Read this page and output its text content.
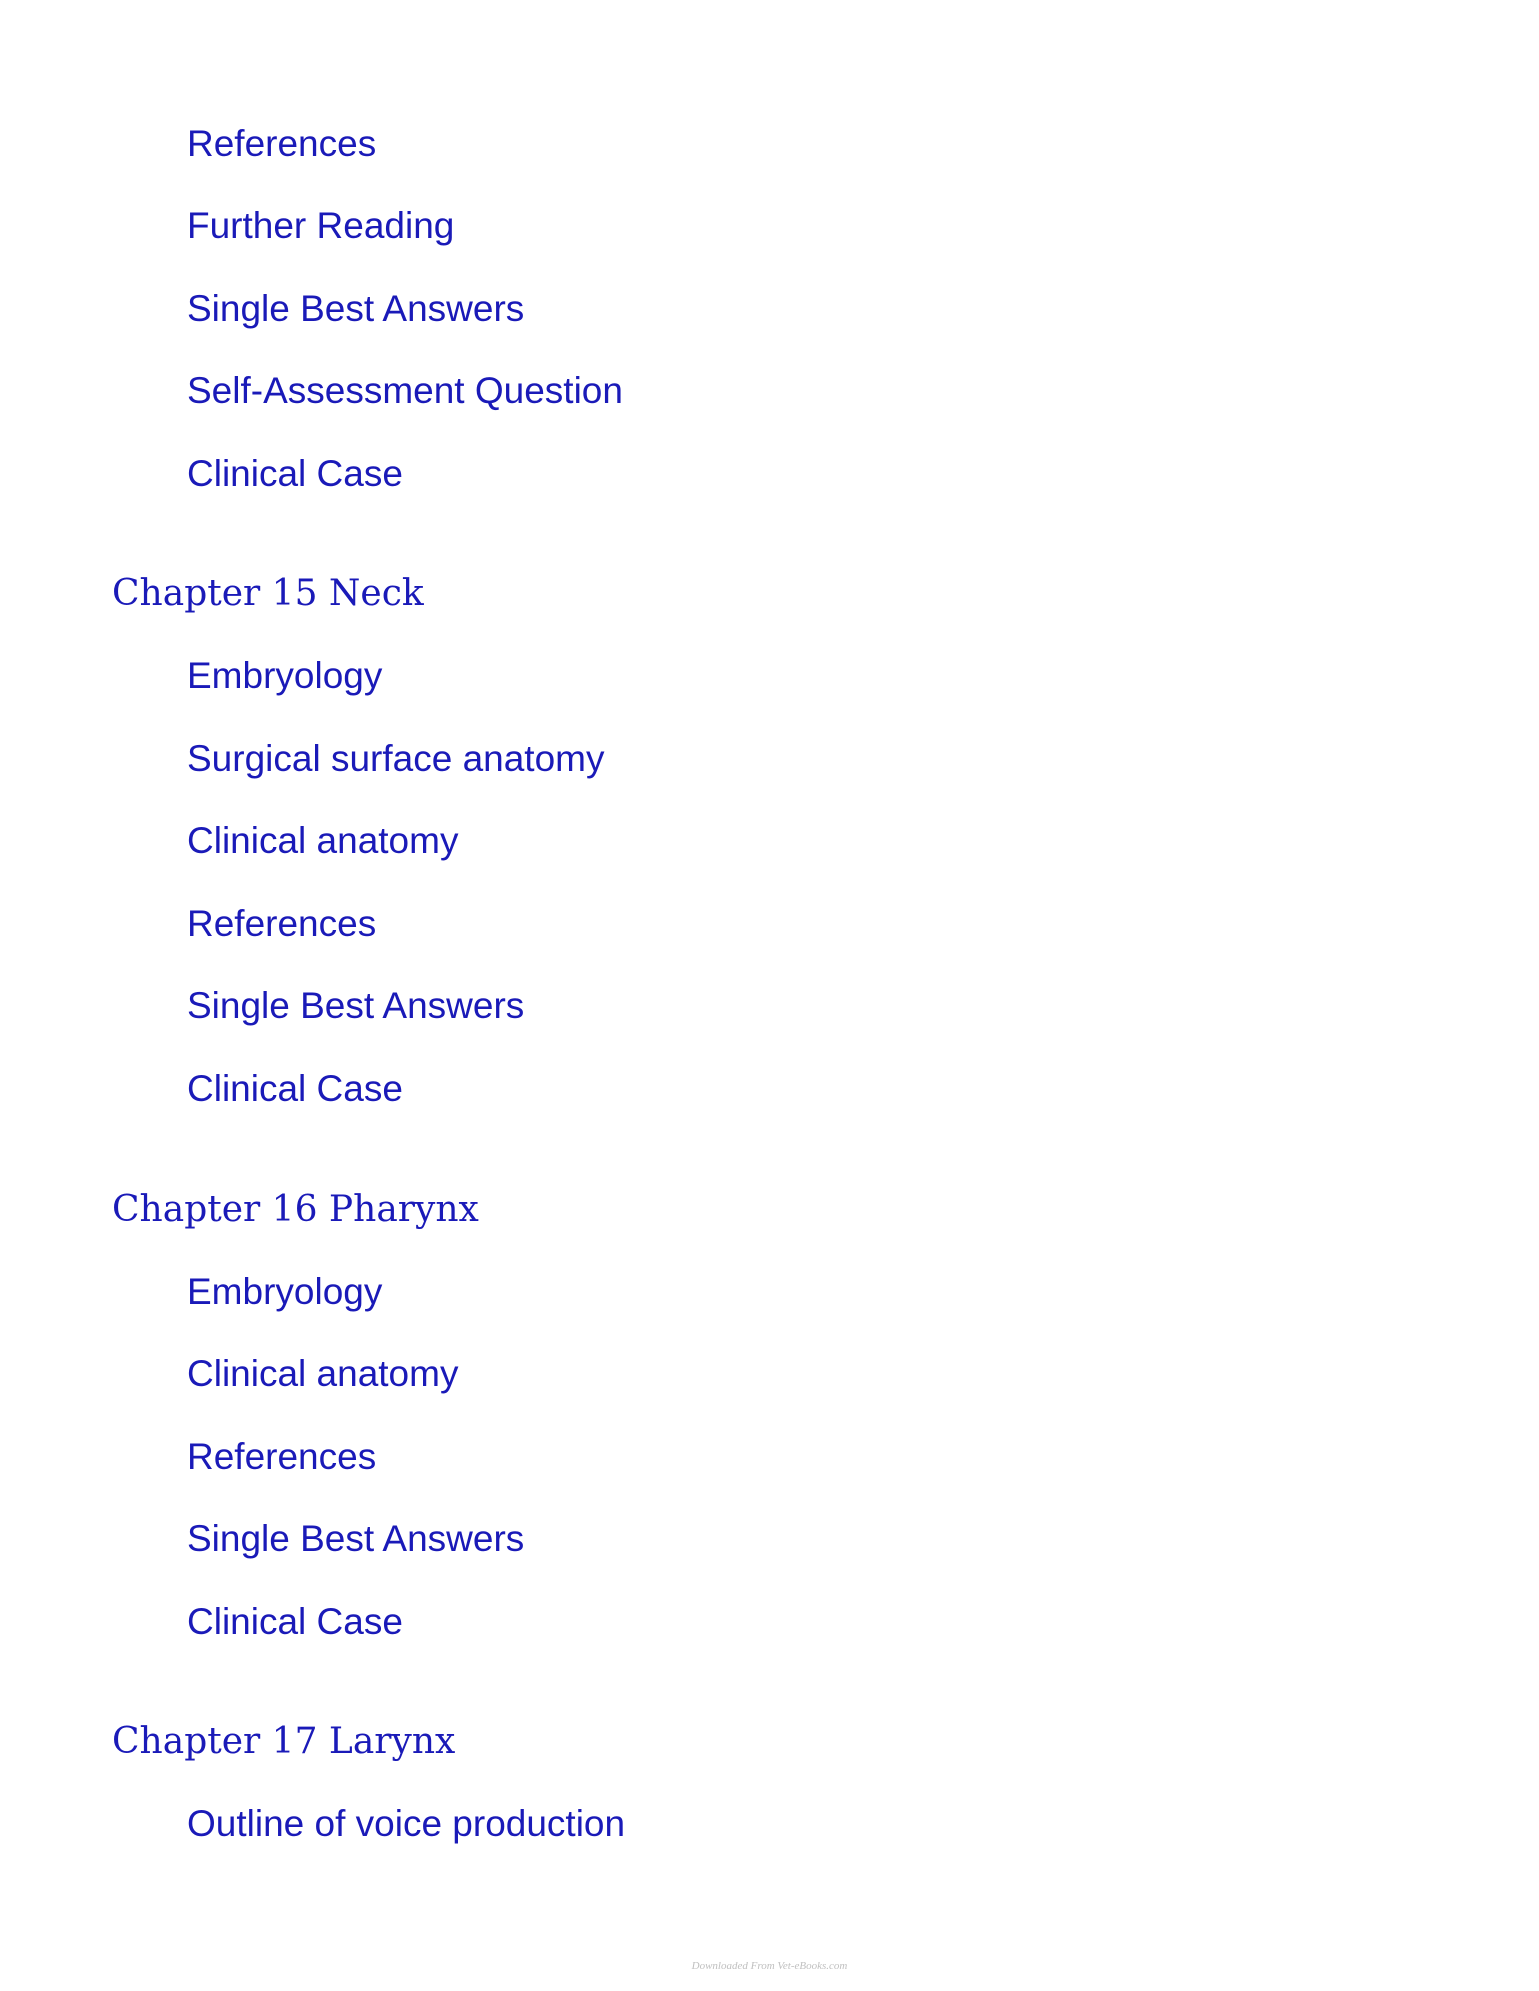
References
Further Reading
Single Best Answers
Self-Assessment Question
Clinical Case
Chapter 15 Neck
Embryology
Surgical surface anatomy
Clinical anatomy
References
Single Best Answers
Clinical Case
Chapter 16 Pharynx
Embryology
Clinical anatomy
References
Single Best Answers
Clinical Case
Chapter 17 Larynx
Outline of voice production
Downloaded From Vet-eBooks.com
